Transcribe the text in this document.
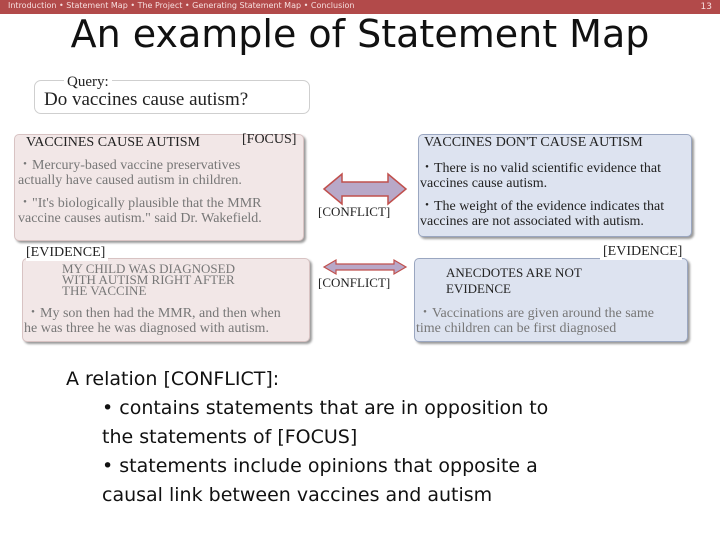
Introduction • Statement Map • The Project • Generating Statement Map • Conclusion	13
An example of Statement Map
Query:
Do vaccines cause autism?
VACCINES CAUSE AUTISM	[FOCUS]
・Mercury-based vaccine preservatives
actually have caused autism in children.
・"It's biologically plausible that the MMR
vaccine causes autism." said Dr. Wakefield.
[EVIDENCE]
MY CHILD WAS DIAGNOSED
WITH AUTISM RIGHT AFTER
THE VACCINE
・My son then had the MMR, and then when
he was three he was diagnosed with autism.
[CONFLICT]
[CONFLICT]
VACCINES DON'T CAUSE AUTISM
・There is no valid scientific evidence that
vaccines cause autism.
・The weight of the evidence indicates that
vaccines are not associated with autism.
[EVIDENCE]
ANECDOTES ARE NOT
EVIDENCE
・Vaccinations are given around the same
time children can be first diagnosed
A relation [CONFLICT]:
• contains statements that are in opposition to
the statements of [FOCUS]
• statements include opinions that opposite a
causal link between vaccines and autism
